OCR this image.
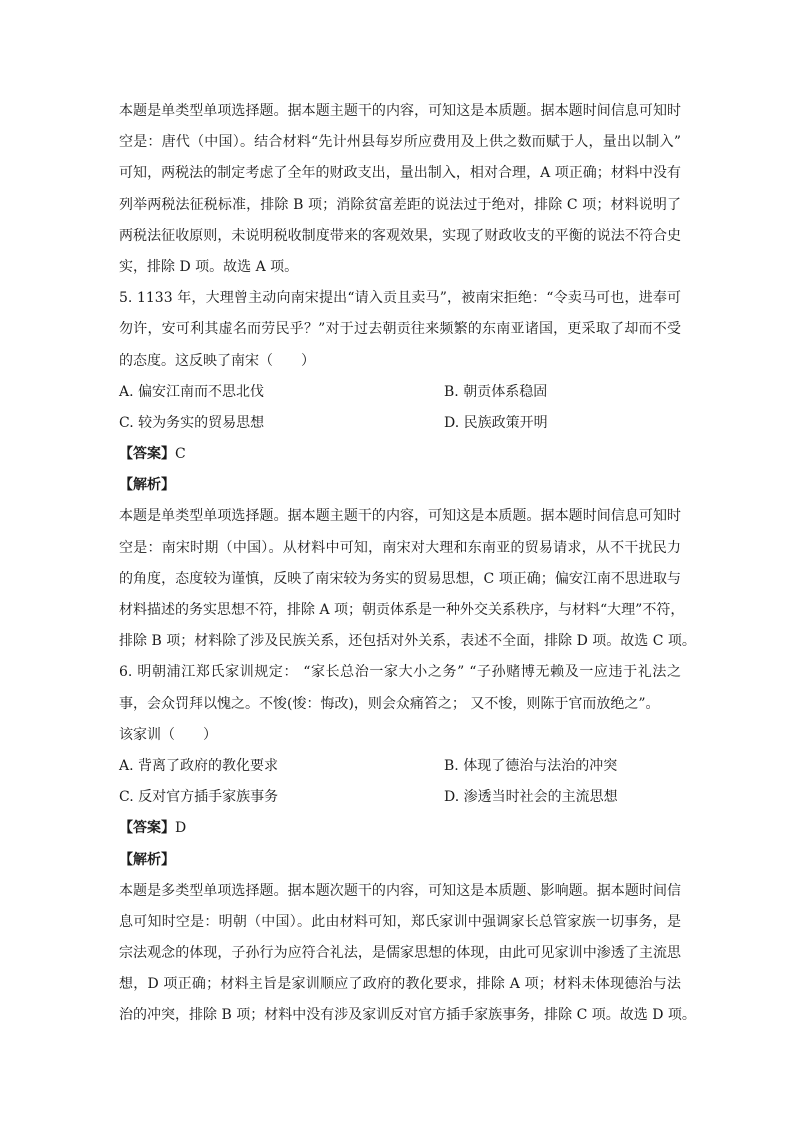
本题是单类型单项选择题。据本题主题干的内容，可知这是本质题。据本题时间信息可知时
空是：唐代（中国）。结合材料“先计州县每岁所应费用及上供之数而赋于人，量出以制入”
可知，两税法的制定考虑了全年的财政支出，量出制入，相对合理，A 项正确；材料中没有
列举两税法征税标准，排除 B 项；消除贫富差距的说法过于绝对，排除 C 项；材料说明了
两税法征收原则，未说明税收制度带来的客观效果，实现了财政收支的平衡的说法不符合史
实，排除 D 项。故选 A 项。
5. 1133 年，大理曾主动向南宋提出“请入贡且卖马”，被南宋拒绝：“令卖马可也，进奉可
勿许，安可利其虚名而劳民乎？”对于过去朝贡往来频繁的东南亚诸国，更采取了却而不受
的态度。这反映了南宋（　　）
A. 偏安江南而不思北伐	B. 朝贡体系稳固
C. 较为务实的贸易思想	D. 民族政策开明
【答案】C
【解析】
本题是单类型单项选择题。据本题主题干的内容，可知这是本质题。据本题时间信息可知时
空是：南宋时期（中国）。从材料中可知，南宋对大理和东南亚的贸易请求，从不干扰民力
的角度，态度较为谨慎，反映了南宋较为务实的贸易思想，C 项正确；偏安江南不思进取与
材料描述的务实思想不符，排除 A 项；朝贡体系是一种外交关系秩序，与材料“大理”不符，
排除 B 项；材料除了涉及民族关系，还包括对外关系，表述不全面，排除 D 项。故选 C 项。
6. 明朝浦江郑氏家训规定： “家长总治一家大小之务” “子孙赌博无赖及一应违于礼法之
事，会众罚拜以愧之。不悛(悛：悔改)，则会众痛笞之； 又不悛，则陈于官而放绝之”。
该家训（　　）
A. 背离了政府的教化要求	B. 体现了德治与法治的冲突
C. 反对官方插手家族事务	D. 渗透当时社会的主流思想
【答案】D
【解析】
本题是多类型单项选择题。据本题次题干的内容，可知这是本质题、影响题。据本题时间信
息可知时空是：明朝（中国）。此由材料可知，郑氏家训中强调家长总管家族一切事务，是
宗法观念的体现，子孙行为应符合礼法，是儒家思想的体现，由此可见家训中渗透了主流思
想，D 项正确；材料主旨是家训顺应了政府的教化要求，排除 A 项；材料未体现德治与法
治的冲突，排除 B 项；材料中没有涉及家训反对官方插手家族事务，排除 C 项。故选 D 项。
